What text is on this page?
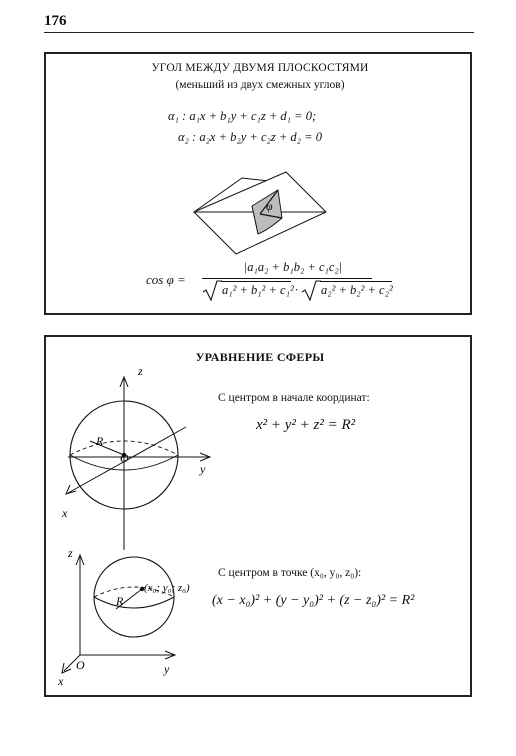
176
УГОЛ МЕЖДУ ДВУМЯ ПЛОСКОСТЯМИ
(меньший из двух смежных углов)
α₁ : a₁x + b₁y + c₁z + d₁ = 0;
α₂ : a₂x + b₂y + c₂z + d₂ = 0
φ
cos φ =
|a₁a₂ + b₁b₂ + c₁c₂|
a₁² + b₁² + c₁² · a₂² + b₂² + c₂²
УРАВНЕНИЕ СФЕРЫ
z
y
x
R
O
С центром в начале координат:
x² + y² + z² = R²
z
y
x
O
R
(x₀; y₀; z₀)
С центром в точке (x₀, y₀, z₀):
(x − x₀)² + (y − y₀)² + (z − z₀)² = R²
